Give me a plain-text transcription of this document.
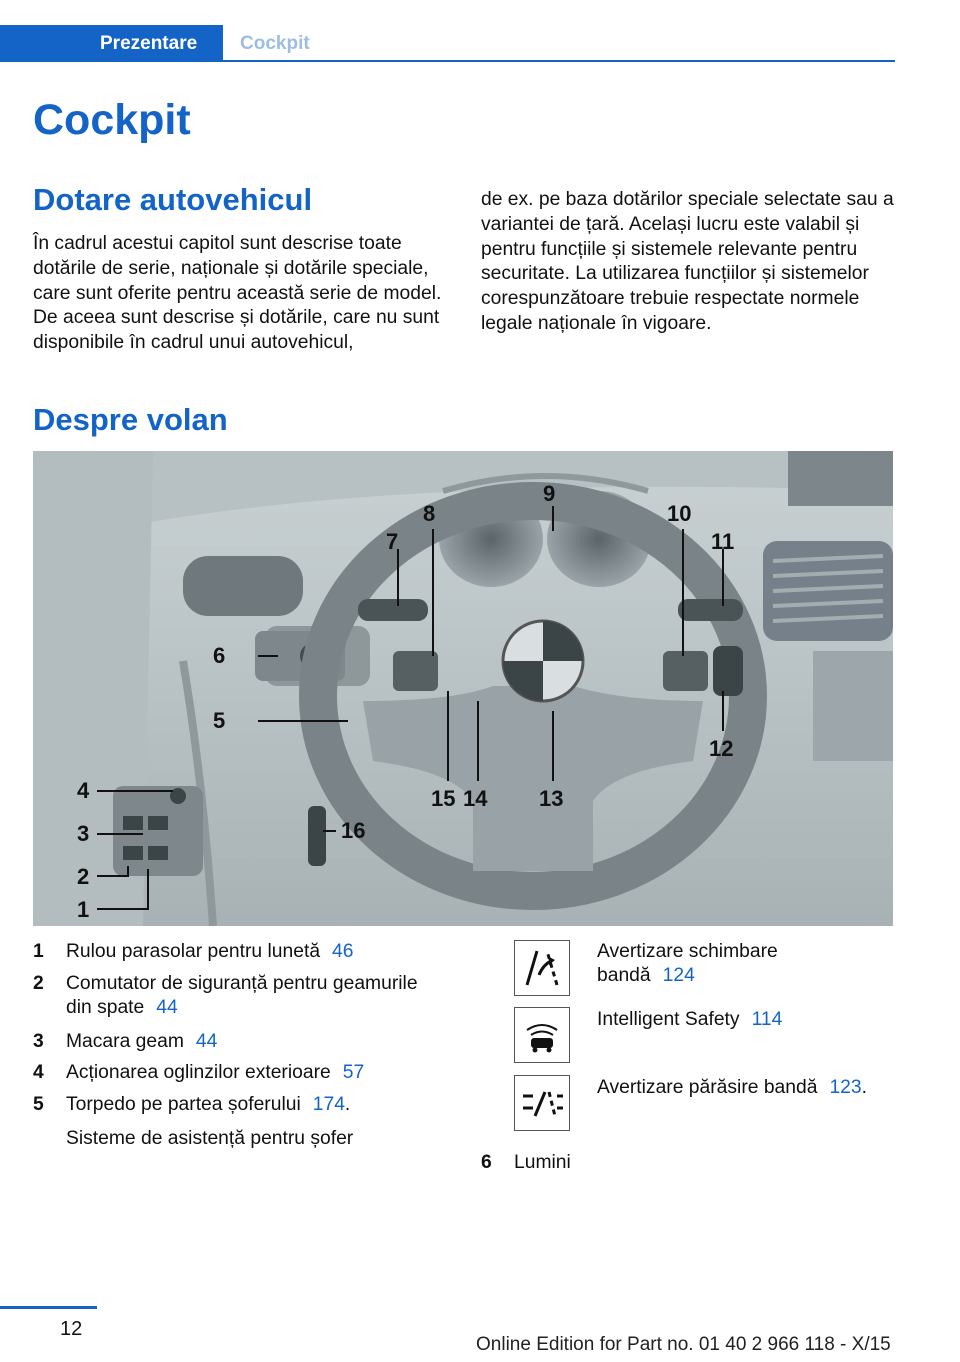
Prezentare Cockpit
Cockpit
Dotare autovehicul

În cadrul acestui capitol sunt descrise toate dotările de serie, naționale și dotările speciale, care sunt oferite pentru această serie de model. De aceea sunt descrise și dotările, care nu sunt disponibile în cadrul unui autovehicul,

de ex. pe baza dotărilor speciale selectate sau a variantei de țară. Același lucru este valabil și pentru funcțiile și sistemele relevante pentru securitate. La utilizarea funcțiilor și sistemelor corespunzătoare trebuie respectate normele legale naționale în vigoare.

Despre volan
1
2
3
4
5
6
7
8
9
10
11
12
13
14
15
16
1 Rulou parasolar pentru lunetă 46
2 Comutator de siguranță pentru geamurile
din spate 44
3 Macara geam 44
4 Acționarea oglinzilor exterioare 57
5 Torpedo pe partea șoferului 174.
Sisteme de asistență pentru șofer
Avertizare schimbare
bandă 124
Intelligent Safety 114
Avertizare părăsire bandă 123.
6 Lumini
12
Online Edition for Part no. 01 40 2 966 118 - X/15
